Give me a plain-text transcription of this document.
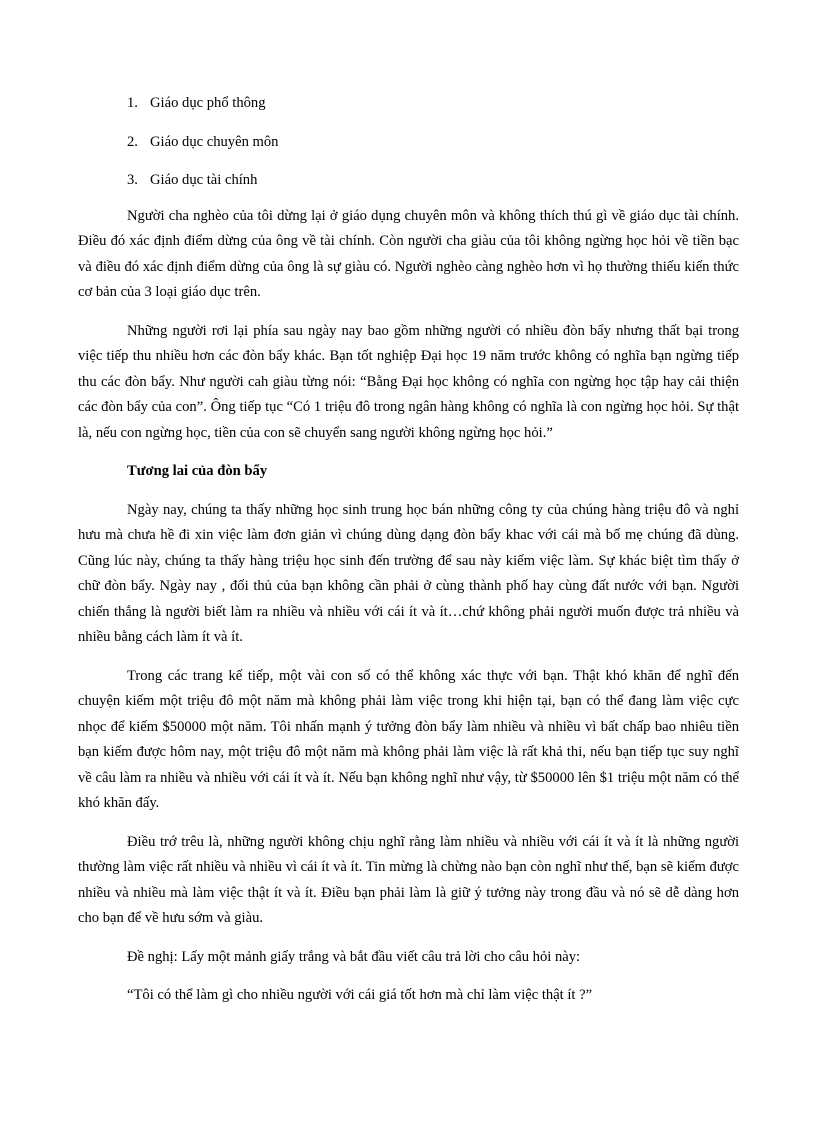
1. Giáo dục phổ thông
2. Giáo dục chuyên môn
3. Giáo dục tài chính

Người cha nghèo của tôi dừng lại ở giáo dụng chuyên môn và không thích thú gì về giáo dục tài chính. Điều đó xác định điểm dừng của ông về tài chính. Còn người cha giàu của tôi không ngừng học hỏi về tiền bạc và điều đó xác định điểm dừng của ông là sự giàu có. Người nghèo càng nghèo hơn vì họ thường thiếu kiến thức cơ bản của 3 loại giáo dục trên.

Những người rơi lại phía sau ngày nay bao gồm những người có nhiều đòn bẩy nhưng thất bại trong việc tiếp thu nhiều hơn các đòn bẩy khác. Bạn tốt nghiệp Đại học 19 năm trước không có nghĩa bạn ngừng tiếp thu các đòn bẩy. Như người cah giàu từng nói: “Bằng Đại học không có nghĩa con ngừng học tập hay cải thiện các đòn bẩy của con”. Ông tiếp tục “Có 1 triệu đô trong ngân hàng không có nghĩa là con ngừng học hỏi. Sự thật là, nếu con ngừng học, tiền của con sẽ chuyển sang người không ngừng học hỏi.”

Tương lai của đòn bẩy

Ngày nay, chúng ta thấy những học sinh trung học bán những công ty của chúng hàng triệu đô và nghỉ hưu mà chưa hề đi xin việc làm đơn giản vì chúng dùng dạng đòn bẩy khac với cái mà bố mẹ chúng đã dùng. Cũng lúc này, chúng ta thấy hàng triệu học sinh đến trường để sau này kiếm việc làm. Sự khác biệt tìm thấy ở chữ đòn bẩy. Ngày nay , đối thủ của bạn không cần phải ở cùng thành phố hay cùng đất nước với bạn. Người chiến thắng là người biết làm ra nhiều và nhiều với cái ít và ít…chứ không phải người muốn được trả nhiều và nhiều bằng cách làm ít và ít.

Trong các trang kế tiếp, một vài con số có thể không xác thực với bạn. Thật khó khăn để nghĩ đến chuyện kiếm một triệu đô một năm mà không phải làm việc trong khi hiện tại, bạn có thể đang làm việc cực nhọc để kiếm $50000 một năm. Tôi nhấn mạnh ý tưởng đòn bẩy làm nhiều và nhiều vì bất chấp bao nhiêu tiền bạn kiếm được hôm nay, một triệu đô một năm mà không phải làm việc là rất khả thi, nếu bạn tiếp tục suy nghĩ về câu làm ra nhiều và nhiều với cái ít và ít. Nếu bạn không nghĩ như vậy, từ $50000 lên $1 triệu một năm có thể khó khăn đấy.

Điều trớ trêu là, những người không chịu nghĩ rằng làm nhiều và nhiều với cái ít và ít là những người thường làm việc rất nhiều và nhiều vì cái ít và ít. Tin mừng là chừng nào bạn còn nghĩ như thế, bạn sẽ kiếm được nhiều và nhiều mà làm việc thật ít và ít. Điều bạn phải làm là giữ ý tưởng này trong đầu và nó sẽ dễ dàng hơn cho bạn để về hưu sớm và giàu.

Đề nghị: Lấy một mảnh giấy trắng và bắt đầu viết câu trả lời cho câu hỏi này:

“Tôi có thể làm gì cho nhiều người với cái giá tốt hơn mà chỉ làm việc thật ít ?”
